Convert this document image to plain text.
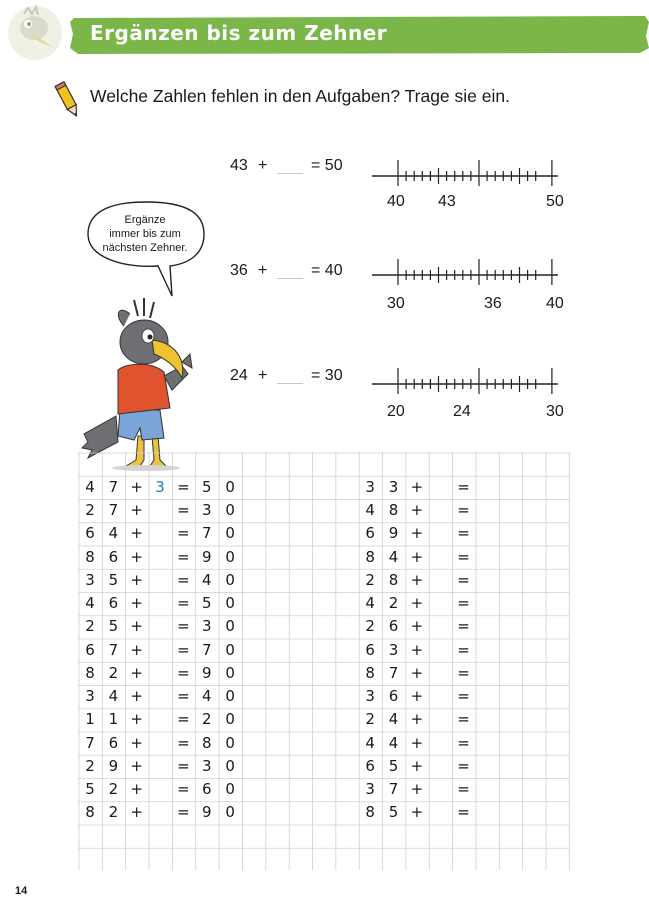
Ergänzen bis zum Zehner
Welche Zahlen fehlen in den Aufgaben? Trage sie ein.
43 +	= 50
36 +	= 40
24 +	= 30
40 43	50
30	36	40
20	24	30
Ergänze
immer bis zum
nächsten Zehner.
4 7 + 3 = 5 0
2 7 +	= 3 0
6 4 +	= 7 0
8 6 +	= 9 0
3 5 +	= 4 0
4 6 +	= 5 0
2 5 +	= 3 0
6 7 +	= 7 0
8 2 +	= 9 0
3 4 +	= 4 0
1 1 +	= 2 0
7 6 +	= 8 0
2 9 +	= 3 0
5 2 +	= 6 0
8 2 +	= 9 0
3 3 +	=
4 8 +	=
6 9 +	=
8 4 +	=
2 8 +	=
4 2 +	=
2 6 +	=
6 3 +	=
8 7 +	=
3 6 +	=
2 4 +	=
4 4 +	=
6 5 +	=
3 7 +	=
8 5 +	=
14
